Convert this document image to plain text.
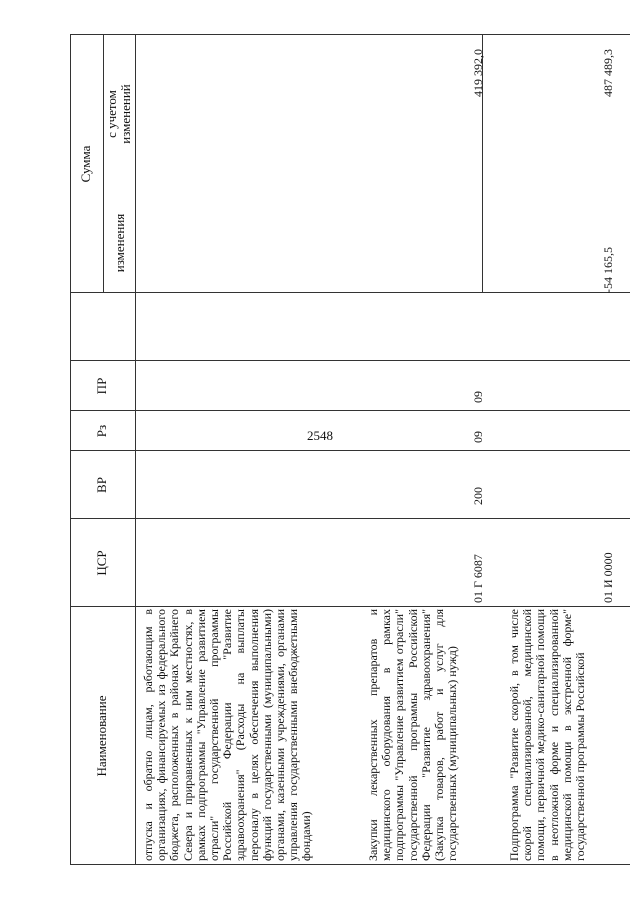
2548
Наименование
ЦСР
ВР
Рз
ПР
Сумма
изменения
с учетом изменений
отпуска и обратно лицам, работающим в организациях, финансируемых из федерального бюджета, расположенных в районах Крайнего Севера и приравненных к ним местностях, в рамках подпрограммы "Управление развитием отрасли" государственной программы Российской Федерации "Развитие здравоохранения" (Расходы на выплаты персоналу в целях обеспечения выполнения функций государственными (муниципальными) органами, казенными учреждениями, органами управления государственными внебюджетными фондами)	Закупки лекарственных препаратов и медицинского оборудования в рамках подпрограммы "Управление развитием отрасли" государственной программы Российской Федерации "Развитие здравоохранения" (Закупка товаров, работ и услуг для государственных (муниципальных) нужд)
01 Г 6087
200
09
09
419 392,0
Подпрограмма "Развитие скорой, в том числе скорой специализированной, медицинской помощи, первичной медико-санитарной помощи в неотложной форме и специализированной медицинской помощи в экстренной форме" государственной программы Российской
01 И 0000
-54 165,5
487 489,3
